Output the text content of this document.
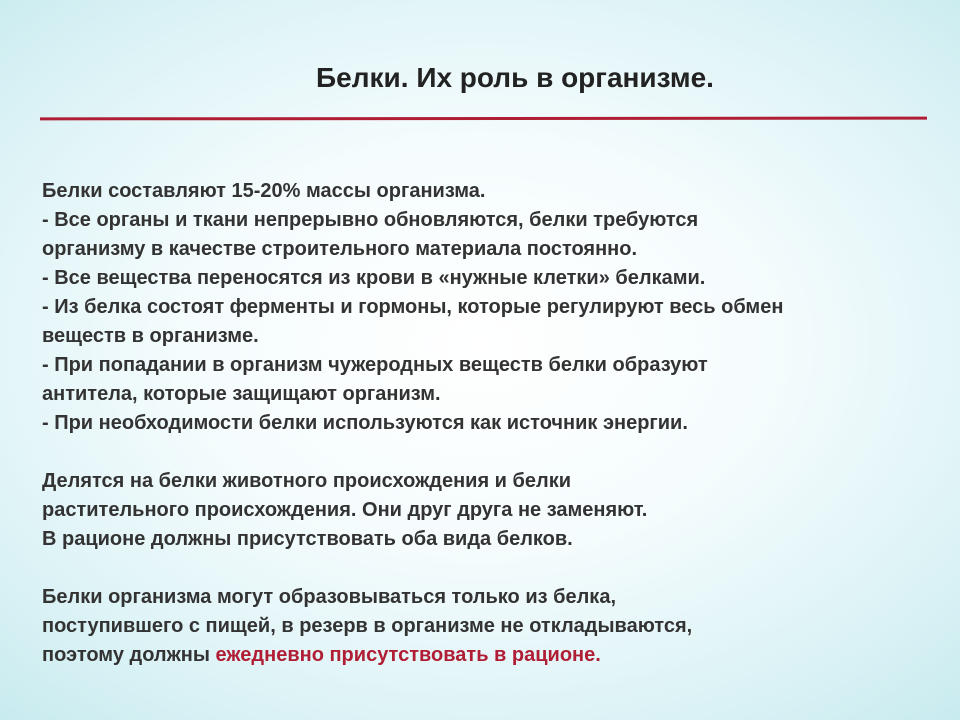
Белки. Их роль в организме.
Белки составляют 15-20% массы организма.
- Все органы и ткани непрерывно обновляются, белки требуются
организму в качестве строительного материала постоянно.
- Все вещества переносятся из крови в «нужные клетки» белками.
- Из белка состоят ферменты и гормоны, которые регулируют весь обмен
веществ в организме.
- При попадании в организм чужеродных веществ белки образуют
антитела, которые защищают организм.
- При необходимости белки используются как источник энергии.
Делятся на белки животного происхождения и белки
растительного происхождения. Они друг друга не заменяют.
В рационе должны присутствовать оба вида белков.
Белки организма могут образовываться только из белка,
поступившего с пищей, в резерв в организме не откладываются,
поэтому должны ежедневно присутствовать в рационе.
